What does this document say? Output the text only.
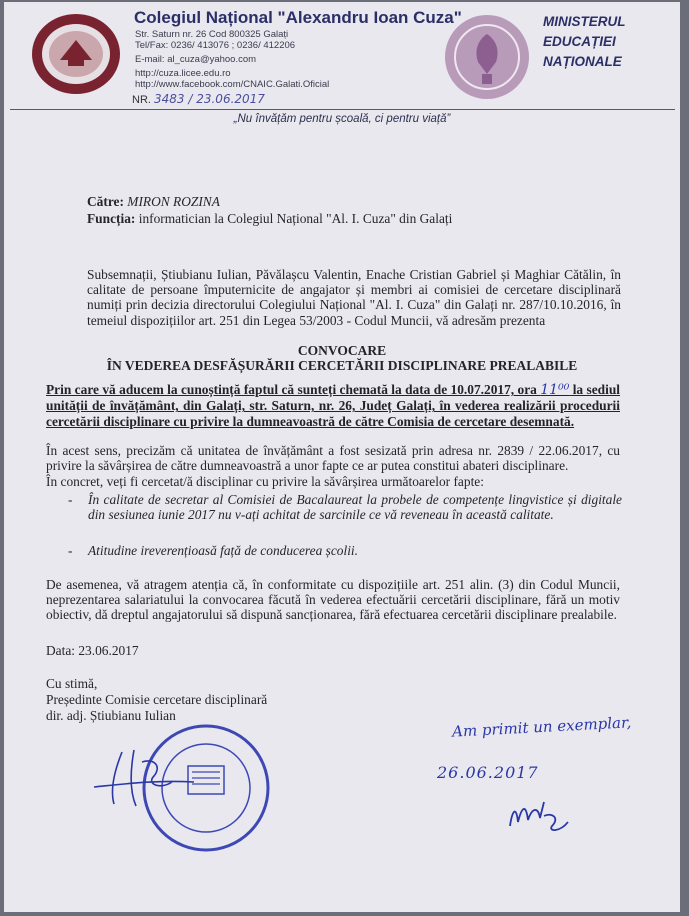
Colegiul Național "Alexandru Ioan Cuza"
Str. Saturn nr. 26 Cod 800325 Galați
Tel/Fax: 0236/ 413076 ; 0236/ 412206
E-mail: al_cuza@yahoo.com
http://cuza.licee.edu.ro
http://www.facebook.com/CNAIC.Galati.Oficial
NR. 3483 / 23.06.2017
MINISTERUL
EDUCAȚIEI
NAȚIONALE
„Nu învățăm pentru școală, ci pentru viață”
Către: MIRON ROZINA
Funcția: informatician la Colegiul Național "Al. I. Cuza" din Galați
Subsemnații, Știubianu Iulian, Păvălașcu Valentin, Enache Cristian Gabriel și Maghiar Cătălin, în calitate de persoane împuternicite de angajator și membri ai comisiei de cercetare disciplinară numiți prin decizia directorului Colegiului Național "Al. I. Cuza" din Galați nr. 287/10.10.2016, în temeiul dispozițiilor art. 251 din Legea 53/2003 - Codul Muncii, vă adresăm prezenta
CONVOCARE
ÎN VEDEREA DESFĂȘURĂRII CERCETĂRII DISCIPLINARE PREALABILE
Prin care vă aducem la cunoștință faptul că sunteți chemată la data de 10.07.2017, ora 11⁰⁰ la sediul unității de învățământ, din Galați, str. Saturn, nr. 26, Județ Galați, în vederea realizării procedurii cercetării disciplinare cu privire la dumneavoastră de către Comisia de cercetare desemnată.
În acest sens, precizăm că unitatea de învățământ a fost sesizată prin adresa nr. 2839 / 22.06.2017, cu privire la săvârșirea de către dumneavoastră a unor fapte ce ar putea constitui abateri disciplinare.
În concret, veți fi cercetat/ă disciplinar cu privire la săvârșirea următoarelor fapte:
- În calitate de secretar al Comisiei de Bacalaureat la probele de competențe lingvistice și digitale din sesiunea iunie 2017 nu v-ați achitat de sarcinile ce vă reveneau în această calitate.
- Atitudine ireverențioasă față de conducerea școlii.
De asemenea, vă atragem atenția că, în conformitate cu dispozițiile art. 251 alin. (3) din Codul Muncii, neprezentarea salariatului la convocarea făcută în vederea efectuării cercetării disciplinare, fără un motiv obiectiv, dă dreptul angajatorului să dispună sancționarea, fără efectuarea cercetării disciplinare prealabile.
Data: 23.06.2017
Cu stimă,
Președinte Comisie cercetare disciplinară
dir. adj. Știubianu Iulian	Am primit un exemplar,
26.06.2017
